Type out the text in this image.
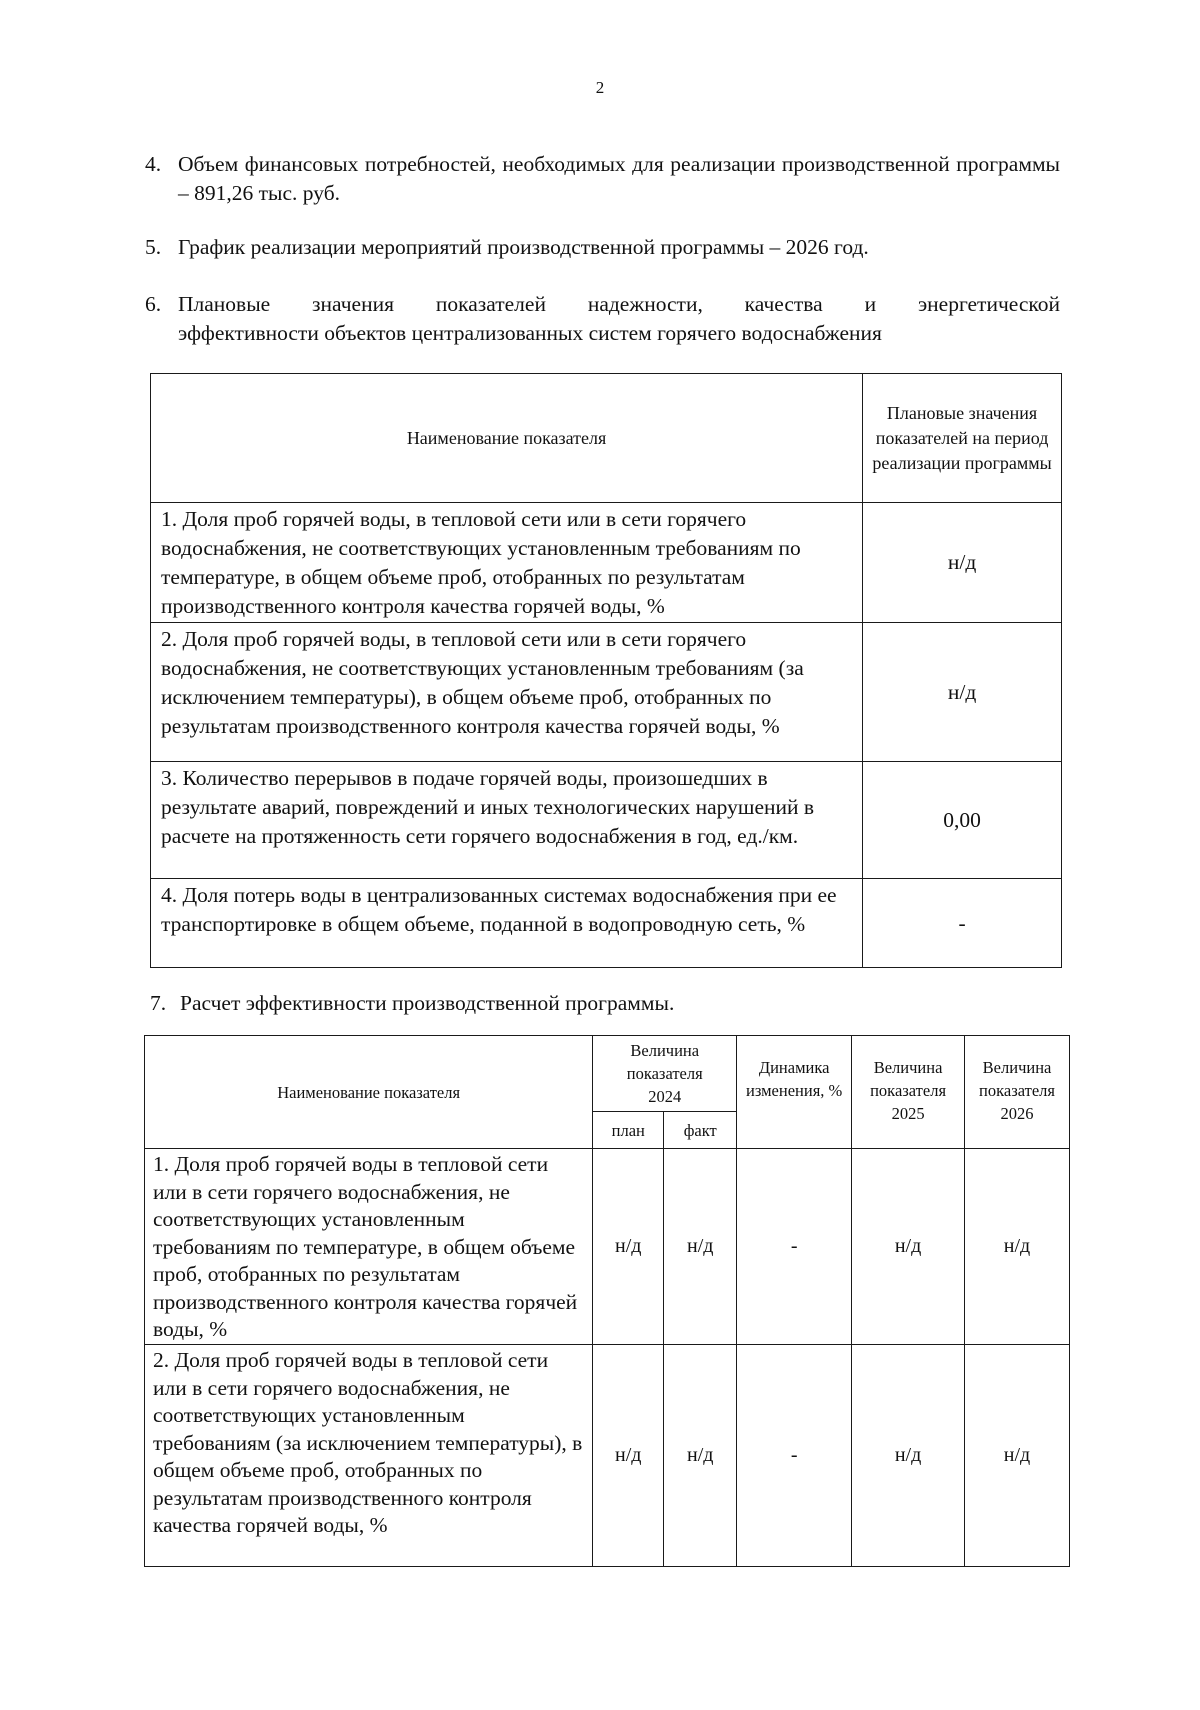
2
4. Объем финансовых потребностей, необходимых для реализации производственной программы – 891,26 тыс. руб.
5. График реализации мероприятий производственной программы – 2026 год.
6. Плановые значения показателей надежности, качества и энергетической
эффективности объектов централизованных систем горячего водоснабжения
Наименование показателя	Плановые значения показателей на период реализации программы
1. Доля проб горячей воды, в тепловой сети или в сети горячего водоснабжения, не соответствующих установленным требованиям по температуре, в общем объеме проб, отобранных по результатам производственного контроля качества горячей воды, %	н/д
2. Доля проб горячей воды, в тепловой сети или в сети горячего водоснабжения, не соответствующих установленным требованиям (за исключением температуры), в общем объеме проб, отобранных по результатам производственного контроля качества горячей воды, %	н/д
3. Количество перерывов в подаче горячей воды, произошедших в результате аварий, повреждений и иных технологических нарушений в расчете на протяженность сети горячего водоснабжения в год, ед./км.	0,00
4. Доля потерь воды в централизованных системах водоснабжения при ее транспортировке в общем объеме, поданной в водопроводную сеть, %	-
7. Расчет эффективности производственной программы.
Наименование показателя	Величина показателя 2024		Динамика изменения, %	Величина показателя 2025	Величина показателя 2026
	план	факт			
1. Доля проб горячей воды в тепловой сети или в сети горячего водоснабжения, не соответствующих установленным требованиям по температуре, в общем объеме проб, отобранных по результатам производственного контроля качества горячей воды, %	н/д	н/д	-	н/д	н/д
2. Доля проб горячей воды в тепловой сети или в сети горячего водоснабжения, не соответствующих установленным требованиям (за исключением температуры), в общем объеме проб, отобранных по результатам производственного контроля качества горячей воды, %	н/д	н/д	-	н/д	н/д
